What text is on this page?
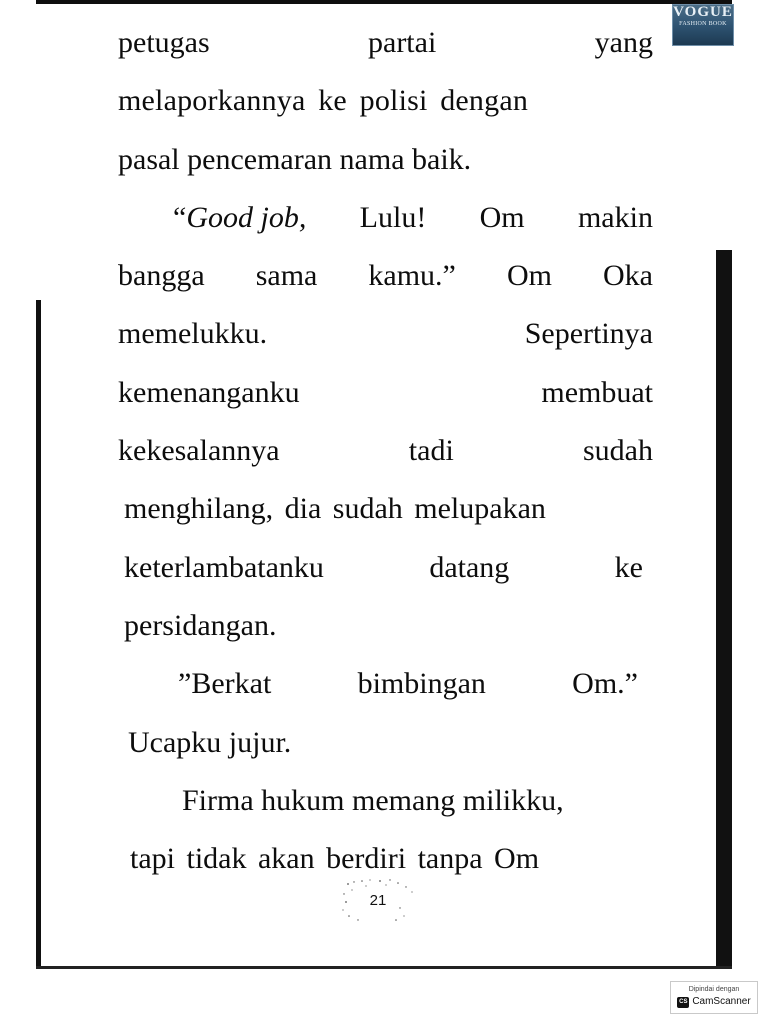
VOGUE
FASHION BOOK
petugas	partai	yang
melaporkannya ke polisi dengan
pasal pencemaran nama baik.
“Good job, Lulu! Om makin
bangga sama kamu.” Om Oka
memelukku.	Sepertinya
kemenanganku	membuat
kekesalannya	tadi	sudah
menghilang, dia sudah melupakan
keterlambatanku	datang	ke
persidangan.
”Berkat	bimbingan	Om.”
Ucapku jujur.
Firma hukum memang milikku,
tapi tidak akan berdiri tanpa Om
21
Dipindai dengan
CS CamScanner
